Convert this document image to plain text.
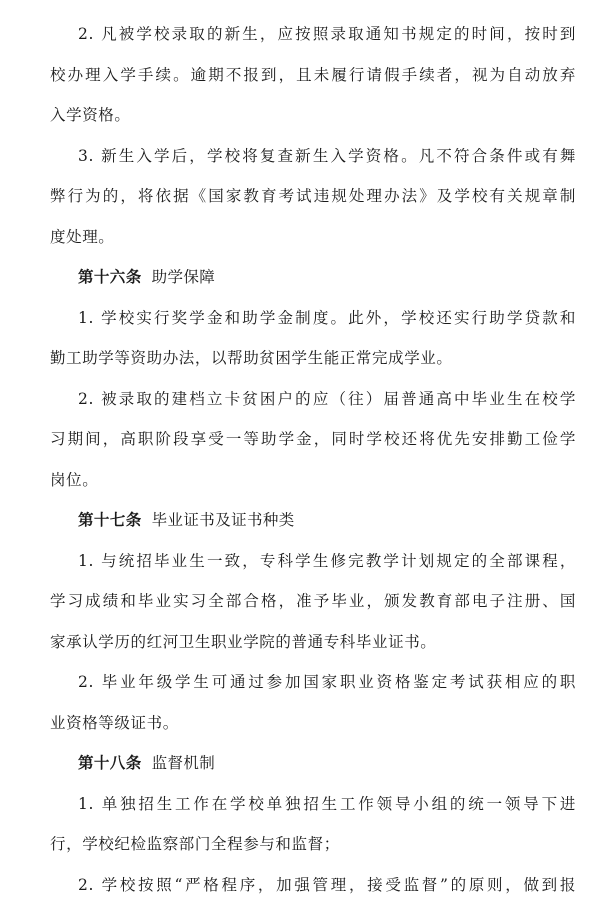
2. 凡被学校录取的新生，应按照录取通知书规定的时间，按时到
校办理入学手续。逾期不报到，且未履行请假手续者，视为自动放弃
入学资格。
3. 新生入学后，学校将复查新生入学资格。凡不符合条件或有舞
弊行为的，将依据《国家教育考试违规处理办法》及学校有关规章制
度处理。
第十六条 助学保障
1. 学校实行奖学金和助学金制度。此外，学校还实行助学贷款和
勤工助学等资助办法，以帮助贫困学生能正常完成学业。
2. 被录取的建档立卡贫困户的应（往）届普通高中毕业生在校学
习期间，高职阶段享受一等助学金，同时学校还将优先安排勤工俭学
岗位。
第十七条 毕业证书及证书种类
1. 与统招毕业生一致，专科学生修完教学计划规定的全部课程，
学习成绩和毕业实习全部合格，准予毕业，颁发教育部电子注册、国
家承认学历的红河卫生职业学院的普通专科毕业证书。
2. 毕业年级学生可通过参加国家职业资格鉴定考试获相应的职
业资格等级证书。
第十八条 监督机制
1. 单独招生工作在学校单独招生工作领导小组的统一领导下进
行，学校纪检监察部门全程参与和监督；
2. 学校按照“严格程序，加强管理，接受监督”的原则，做到报
